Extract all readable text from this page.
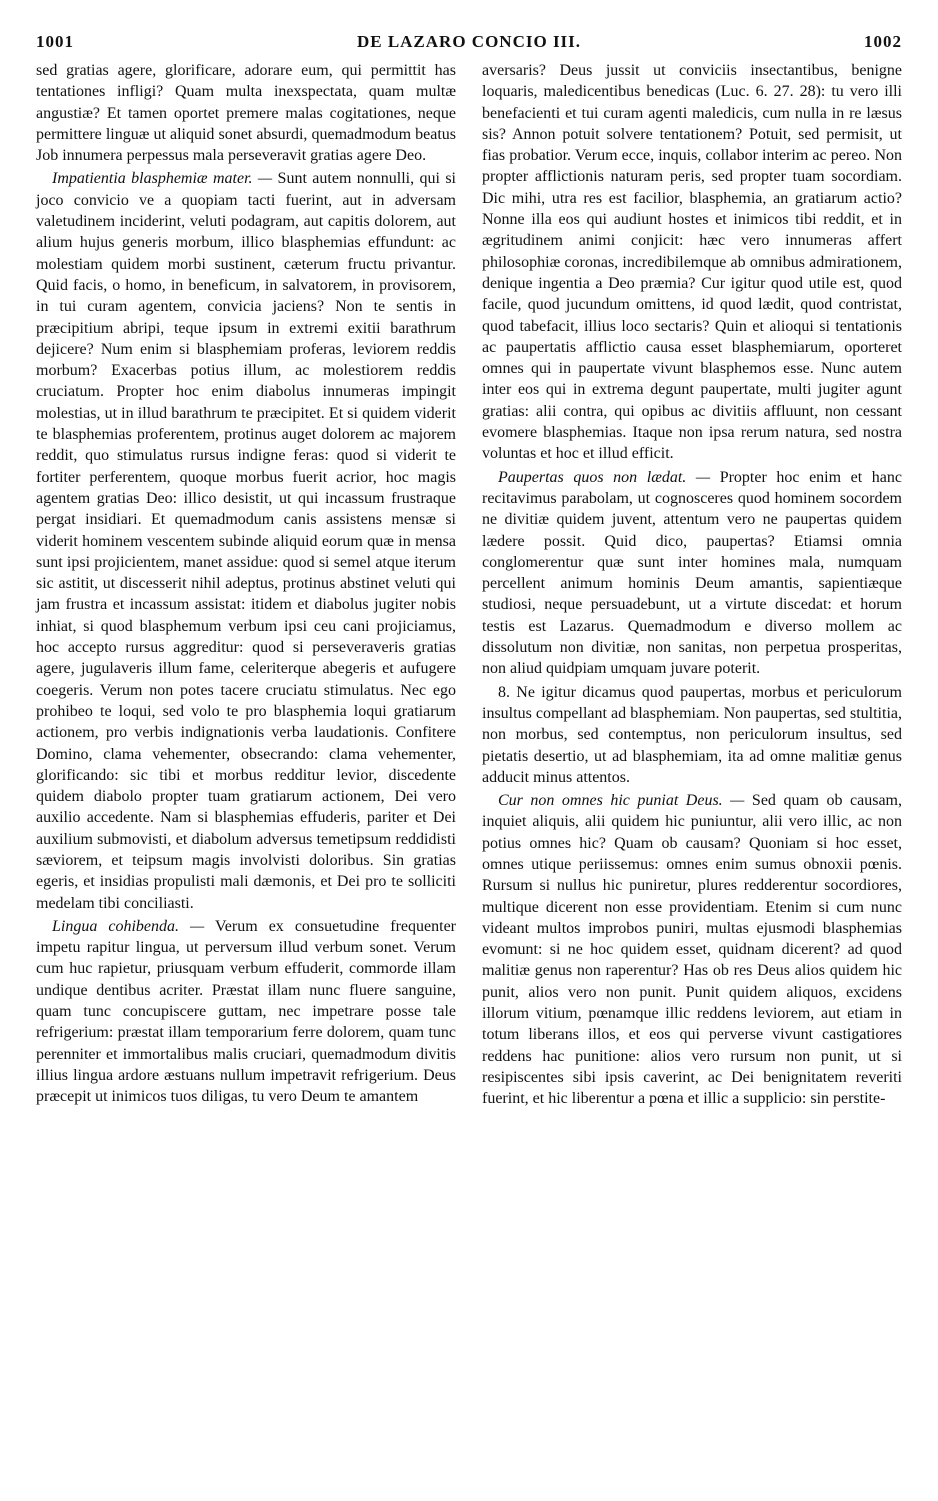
1001	DE LAZARO CONCIO III.	1002

sed gratias agere, glorificare, adorare eum, qui permittit has tentationes infligi? Quam multa inexspectata, quam multæ angustiæ? Et tamen oportet premere malas cogitationes, neque permittere linguæ ut aliquid sonet absurdi, quemadmodum beatus Job innumera perpessus mala perseveravit gratias agere Deo.

Impatientia blasphemiæ mater. — Sunt autem nonnulli, qui si joco convicio ve a quopiam tacti fuerint, aut in adversam valetudinem inciderint, veluti podagram, aut capitis dolorem, aut alium hujus generis morbum, illico blasphemias effundunt: ac molestiam quidem morbi sustinent, cæterum fructu privantur. Quid facis, o homo, in beneficum, in salvatorem, in provisorem, in tui curam agentem, convicia jaciens? Non te sentis in præcipitium abripi, teque ipsum in extremi exitii barathrum dejicere? Num enim si blasphemiam proferas, leviorem reddis morbum? Exacerbas potius illum, ac molestiorem reddis cruciatum. Propter hoc enim diabolus innumeras impingit molestias, ut in illud barathrum te præcipitet. Et si quidem viderit te blasphemias proferentem, protinus auget dolorem ac majorem reddit, quo stimulatus rursus indigne feras: quod si viderit te fortiter perferentem, quoque morbus fuerit acrior, hoc magis agentem gratias Deo: illico desistit, ut qui incassum frustraque pergat insidiari. Et quemadmodum canis assistens mensæ si viderit hominem vescentem subinde aliquid eorum quæ in mensa sunt ipsi projicientem, manet assidue: quod si semel atque iterum sic astitit, ut discesserit nihil adeptus, protinus abstinet veluti qui jam frustra et incassum assistat: itidem et diabolus jugiter nobis inhiat, si quod blasphemum verbum ipsi ceu cani projiciamus, hoc accepto rursus aggreditur: quod si perseveraveris gratias agere, jugulaveris illum fame, celeriterque abegeris et aufugere coegeris. Verum non potes tacere cruciatu stimulatus. Nec ego prohibeo te loqui, sed volo te pro blasphemia loqui gratiarum actionem, pro verbis indignationis verba laudationis. Confitere Domino, clama vehementer, obsecrando: clama vehementer, glorificando: sic tibi et morbus redditur levior, discedente quidem diabolo propter tuam gratiarum actionem, Dei vero auxilio accedente. Nam si blasphemias effuderis, pariter et Dei auxilium submovisti, et diabolum adversus temetipsum reddidisti sæviorem, et teipsum magis involvisti doloribus. Sin gratias egeris, et insidias propulisti mali dæmonis, et Dei pro te solliciti medelam tibi conciliasti.

Lingua cohibenda. — Verum ex consuetudine frequenter impetu rapitur lingua, ut perversum illud verbum sonet. Verum cum huc rapietur, priusquam verbum effuderit, commorde illam undique dentibus acriter. Præstat illam nunc fluere sanguine, quam tunc concupiscere guttam, nec impetrare posse tale refrigerium: præstat illam temporarium ferre dolorem, quam tunc perenniter et immortalibus malis cruciari, quemadmodum divitis illius lingua ardore æstuans nullum impetravit refrigerium. Deus præcepit ut inimicos tuos diligas, tu vero Deum te amantem

aversaris? Deus jussit ut conviciis insectantibus, benigne loquaris, maledicentibus benedicas (Luc. 6. 27. 28): tu vero illi benefacienti et tui curam agenti maledicis, cum nulla in re læsus sis? Annon potuit solvere tentationem? Potuit, sed permisit, ut fias probatior. Verum ecce, inquis, collabor interim ac pereo. Non propter afflictionis naturam peris, sed propter tuam socordiam. Dic mihi, utra res est facilior, blasphemia, an gratiarum actio? Nonne illa eos qui audiunt hostes et inimicos tibi reddit, et in ægritudinem animi conjicit: hæc vero innumeras affert philosophiæ coronas, incredibilemque ab omnibus admirationem, denique ingentia a Deo præmia? Cur igitur quod utile est, quod facile, quod jucundum omittens, id quod lædit, quod contristat, quod tabefacit, illius loco sectaris? Quin et alioqui si tentationis ac paupertatis afflictio causa esset blasphemiarum, oporteret omnes qui in paupertate vivunt blasphemos esse. Nunc autem inter eos qui in extrema degunt paupertate, multi jugiter agunt gratias: alii contra, qui opibus ac divitiis affluunt, non cessant evomere blasphemias. Itaque non ipsa rerum natura, sed nostra voluntas et hoc et illud efficit.

Paupertas quos non lædat. — Propter hoc enim et hanc recitavimus parabolam, ut cognosceres quod hominem socordem ne divitiæ quidem juvent, attentum vero ne paupertas quidem lædere possit. Quid dico, paupertas? Etiamsi omnia conglomerentur quæ sunt inter homines mala, numquam percellent animum hominis Deum amantis, sapientiæque studiosi, neque persuadebunt, ut a virtute discedat: et horum testis est Lazarus. Quemadmodum e diverso mollem ac dissolutum non divitiæ, non sanitas, non perpetua prosperitas, non aliud quidpiam umquam juvare poterit.

8. Ne igitur dicamus quod paupertas, morbus et periculorum insultus compellant ad blasphemiam. Non paupertas, sed stultitia, non morbus, sed contemptus, non periculorum insultus, sed pietatis desertio, ut ad blasphemiam, ita ad omne malitiæ genus adducit minus attentos.

Cur non omnes hic puniat Deus. — Sed quam ob causam, inquiet aliquis, alii quidem hic puniuntur, alii vero illic, ac non potius omnes hic? Quam ob causam? Quoniam si hoc esset, omnes utique periissemus: omnes enim sumus obnoxii pœnis. Rursum si nullus hic puniretur, plures redderentur socordiores, multique dicerent non esse providentiam. Etenim si cum nunc videant multos improbos puniri, multas ejusmodi blasphemias evomunt: si ne hoc quidem esset, quidnam dicerent? ad quod malitiæ genus non raperentur? Has ob res Deus alios quidem hic punit, alios vero non punit. Punit quidem aliquos, excidens illorum vitium, pœnamque illic reddens leviorem, aut etiam in totum liberans illos, et eos qui perverse vivunt castigatiores reddens hac punitione: alios vero rursum non punit, ut si resipiscentes sibi ipsis caverint, ac Dei benignitatem reveriti fuerint, et hic liberentur a pœna et illic a supplicio: sin perstite-
